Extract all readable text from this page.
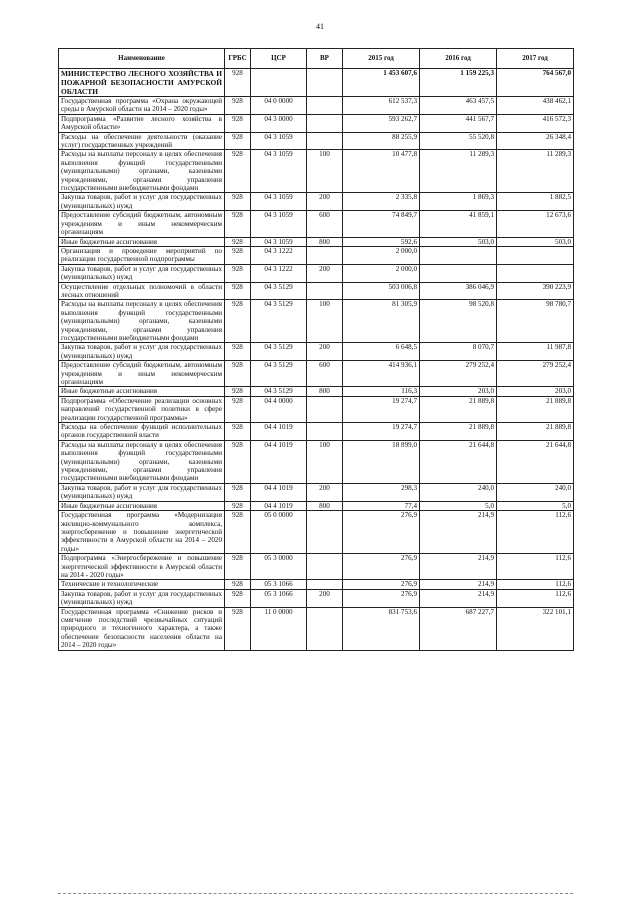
41
Наименование	ГРБС	ЦСР	ВР	2015 год	2016 год	2017 год
МИНИСТЕРСТВО ЛЕСНОГО ХОЗЯЙСТВА И ПОЖАРНОЙ БЕЗОПАСНОСТИ АМУРСКОЙ ОБЛАСТИ	928			1 453 607,6	1 159 225,3	764 567,0
Государственная программа «Охрана окружающей среды в Амурской области на 2014 – 2020 годы»	928	04 0 0000		612 537,3	463 457,5	438 462,1
Подпрограмма «Развитие лесного хозяйства в Амурской области»	928	04 3 0000		593 262,7	441 567,7	416 572,3
Расходы на обеспечение деятельности (оказание услуг) государственных учреждений	928	04 3 1059		88 255,9	55 520,8	26 348,4
Расходы на выплаты персоналу в целях обеспечения выполнения функций государственными (муниципальными) органами, казенными учреждениями, органами управления государственными внебюджетными фондами	928	04 3 1059	100	10 477,8	11 289,3	11 289,3
Закупка товаров, работ и услуг для государственных (муниципальных) нужд	928	04 3 1059	200	2 335,8	1 869,3	1 882,5
Предоставление субсидий бюджетным, автономным учреждениям и иным некоммерческим организациям	928	04 3 1059	600	74 849,7	41 859,1	12 673,6
Иные бюджетные ассигнования	928	04 3 1059	800	592,6	503,0	503,0
Организация и проведение мероприятий по реализации государственной подпрограммы	928	04 3 1222		2 000,0		
Закупка товаров, работ и услуг для государственных (муниципальных) нужд	928	04 3 1222	200	2 000,0		
Осуществление отдельных полномочий в области лесных отношений	928	04 3 5129		503 006,8	386 046,9	390 223,9
Расходы на выплаты персоналу в целях обеспечения выполнения функций государственными (муниципальными) органами, казенными учреждениями, органами управления государственными внебюджетными фондами	928	04 3 5129	100	81 305,9	98 520,8	98 780,7
Закупка товаров, работ и услуг для государственных (муниципальных) нужд	928	04 3 5129	200	6 648,5	8 070,7	11 987,8
Предоставление субсидий бюджетным, автономным учреждениям и иным некоммерческим организациям	928	04 3 5129	600	414 936,1	279 252,4	279 252,4
Иные бюджетные ассигнования	928	04 3 5129	800	116,3	203,0	203,0
Подпрограмма «Обеспечение реализации основных направлений государственной политики в сфере реализации государственной программы»	928	04 4 0000		19 274,7	21 889,8	21 889,8
Расходы на обеспечение функций исполнительных органов государственной власти	928	04 4 1019		19 274,7	21 889,8	21 889,8
Расходы на выплаты персоналу в целях обеспечения выполнения функций государственными (муниципальными) органами, казенными учреждениями, органами управления государственными внебюджетными фондами	928	04 4 1019	100	18 899,0	21 644,8	21 644,8
Закупка товаров, работ и услуг для государственных (муниципальных) нужд	928	04 4 1019	200	298,3	240,0	240,0
Иные бюджетные ассигнования	928	04 4 1019	800	77,4	5,0	5,0
Государственная программа «Модернизация жилищно-коммунального комплекса, энергосбережение и повышение энергетической эффективности в Амурской области на 2014 – 2020 годы»	928	05 0 0000		276,9	214,9	112,6
Подпрограмма «Энергосбережение и повышение энергетической эффективности в Амурской области на 2014 - 2020 годы»	928	05 3 0000		276,9	214,9	112,6
Технические и технологические	928	05 3 1066		276,9	214,9	112,6
Закупка товаров, работ и услуг для государственных (муниципальных) нужд	928	05 3 1066	200	276,9	214,9	112,6
Государственная программа «Снижение рисков и смягчение последствий чрезвычайных ситуаций природного и техногенного характера, а также обеспечение безопасности населения области на 2014 – 2020 годы»	928	11 0 0000		831 753,6	687 227,7	322 101,1
